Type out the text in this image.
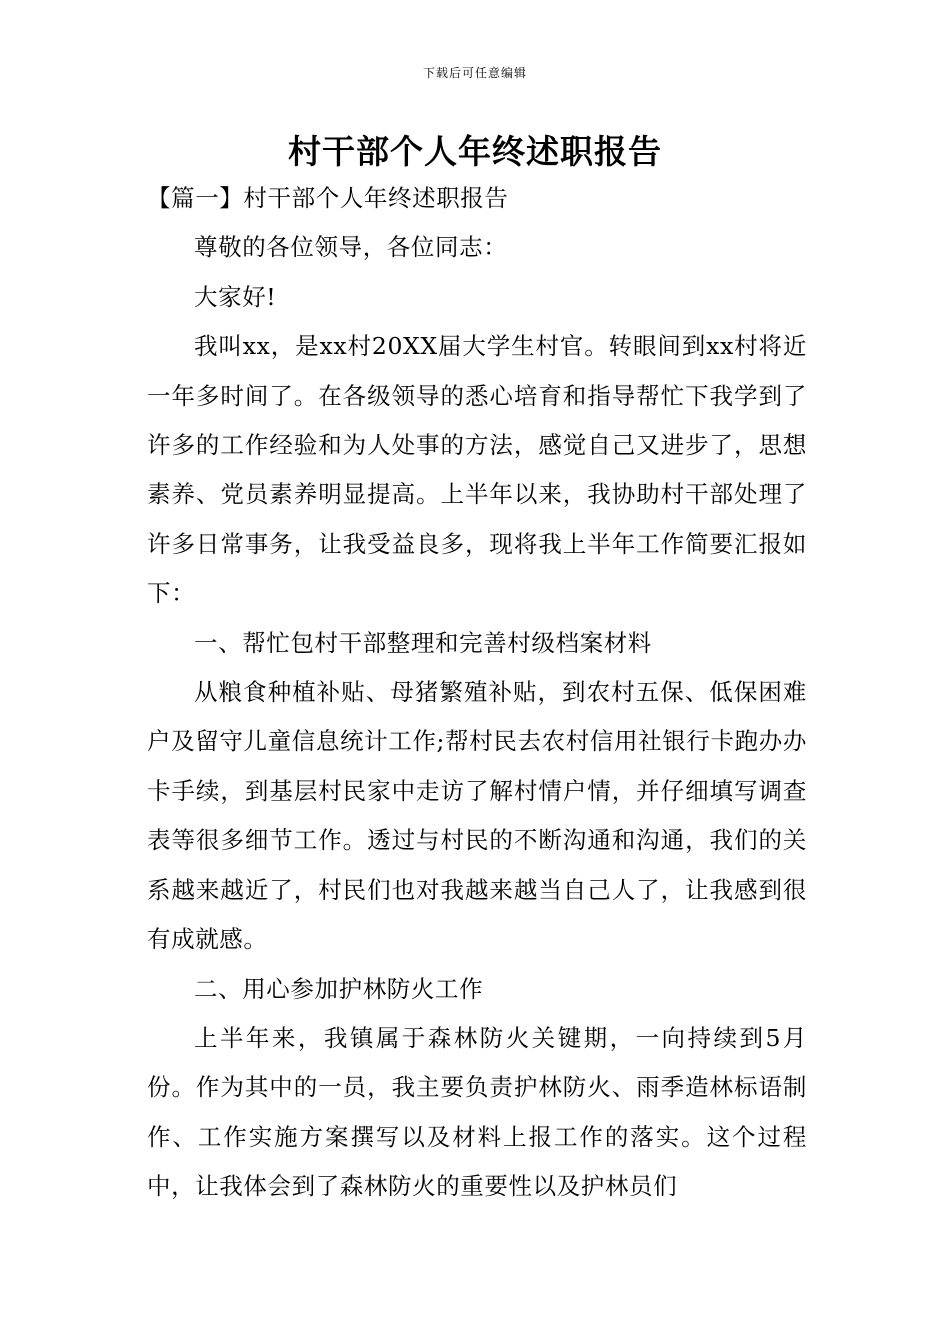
下载后可任意编辑
村干部个人年终述职报告

【篇一】村干部个人年终述职报告

尊敬的各位领导，各位同志：

大家好!

我叫xx，是xx村20XX届大学生村官。转眼间到xx村将近一年多时间了。在各级领导的悉心培育和指导帮忙下我学到了许多的工作经验和为人处事的方法，感觉自己又进步了，思想素养、党员素养明显提高。上半年以来，我协助村干部处理了许多日常事务，让我受益良多，现将我上半年工作简要汇报如下：

一、帮忙包村干部整理和完善村级档案材料

从粮食种植补贴、母猪繁殖补贴，到农村五保、低保困难户及留守儿童信息统计工作;帮村民去农村信用社银行卡跑办办卡手续，到基层村民家中走访了解村情户情，并仔细填写调查表等很多细节工作。透过与村民的不断沟通和沟通，我们的关系越来越近了，村民们也对我越来越当自己人了，让我感到很有成就感。

二、用心参加护林防火工作

上半年来，我镇属于森林防火关键期，一向持续到5月份。作为其中的一员，我主要负责护林防火、雨季造林标语制作、工作实施方案撰写以及材料上报工作的落实。这个过程中，让我体会到了森林防火的重要性以及护林员们
